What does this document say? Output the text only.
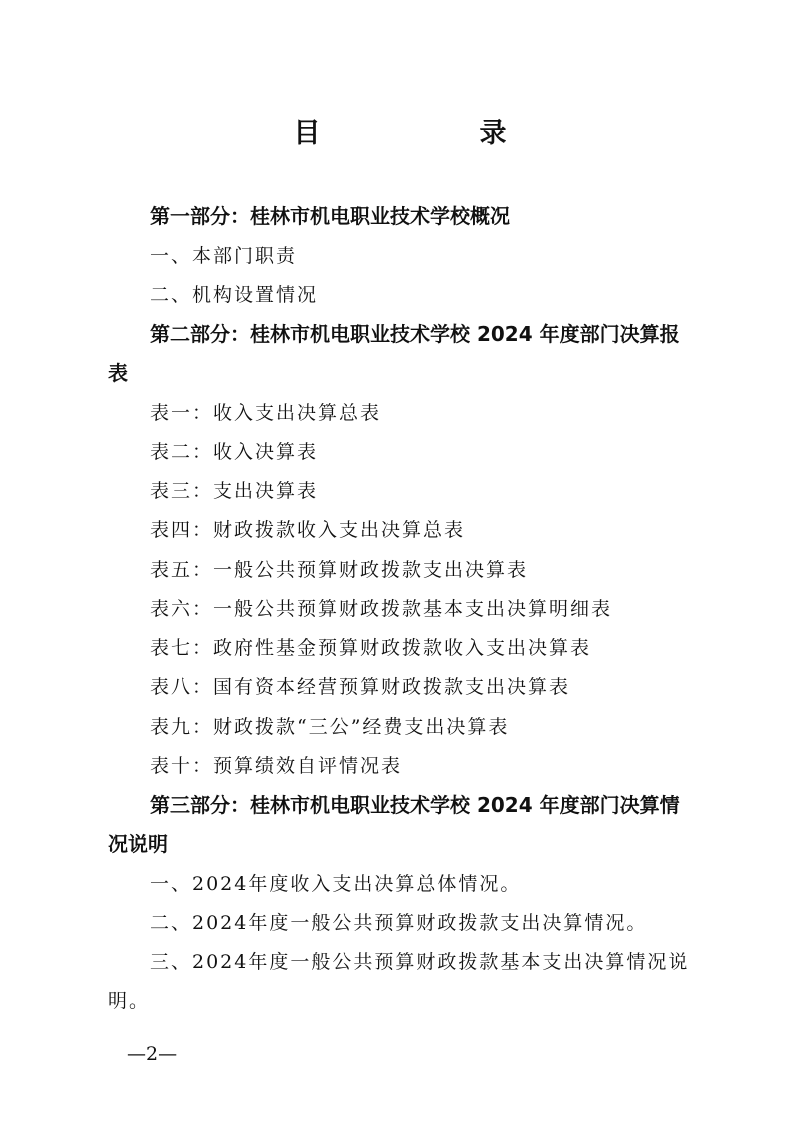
目　录
第一部分：桂林市机电职业技术学校概况
一、本部门职责
二、机构设置情况
第二部分：桂林市机电职业技术学校 2024 年度部门决算报
表
表一：收入支出决算总表
表二：收入决算表
表三：支出决算表
表四：财政拨款收入支出决算总表
表五：一般公共预算财政拨款支出决算表
表六：一般公共预算财政拨款基本支出决算明细表
表七：政府性基金预算财政拨款收入支出决算表
表八：国有资本经营预算财政拨款支出决算表
表九：财政拨款“三公”经费支出决算表
表十：预算绩效自评情况表
第三部分：桂林市机电职业技术学校 2024 年度部门决算情
况说明
一、2024年度收入支出决算总体情况。
二、2024年度一般公共预算财政拨款支出决算情况。
三、2024年度一般公共预算财政拨款基本支出决算情况说
明。
—2—
